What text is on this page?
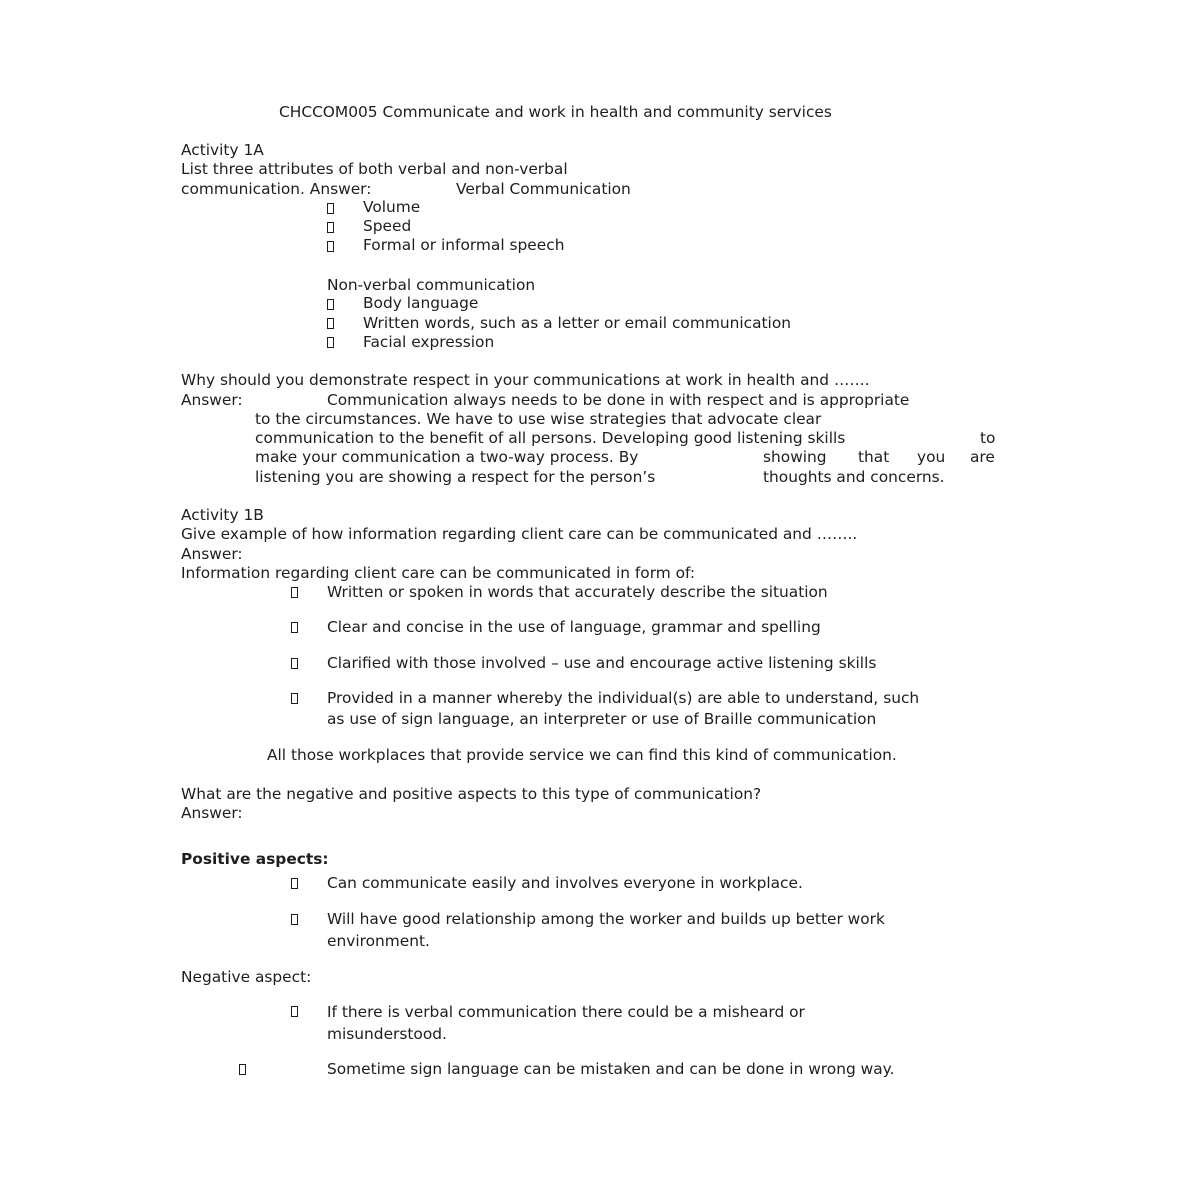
CHCCOM005 Communicate and work in health and community services
Activity 1A
List three attributes of both verbal and non-verbal
communication. Answer:	Verbal Communication
Volume
Speed
Formal or informal speech
Non-verbal communication
Body language
Written words, such as a letter or email communication
Facial expression
Why should you demonstrate respect in your communications at work in health and …….
Answer:	Communication always needs to be done in with respect and is appropriate
to the circumstances. We have to use wise strategies that advocate clear
communication to the benefit of all persons. Developing good listening skills	to
make your communication a two-way process. By	showing that you are
listening you are showing a respect for the person’s	thoughts and concerns.
Activity 1B
Give example of how information regarding client care can be communicated and ……..
Answer:
Information regarding client care can be communicated in form of:
Written or spoken in words that accurately describe the situation
Clear and concise in the use of language, grammar and spelling
Clarified with those involved – use and encourage active listening skills
Provided in a manner whereby the individual(s) are able to understand, such
as use of sign language, an interpreter or use of Braille communication
All those workplaces that provide service we can find this kind of communication.
What are the negative and positive aspects to this type of communication?
Answer:
Positive aspects:
Can communicate easily and involves everyone in workplace.
Will have good relationship among the worker and builds up better work
environment.
Negative aspect:
If there is verbal communication there could be a misheard or
misunderstood.
Sometime sign language can be mistaken and can be done in wrong way.
